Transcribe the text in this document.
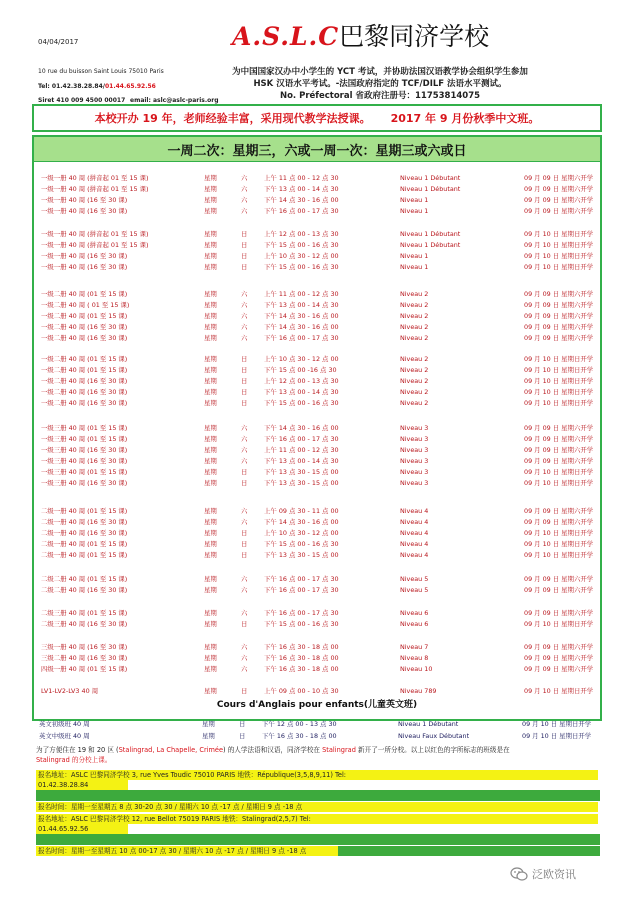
04/04/2017	A.S.L.C巴黎同济学校
10 rue du buisson Saint Louis 75010 Paris
Tel: 01.42.38.28.84/01.44.65.92.56
Siret 410 009 4500 00017 email: aslc@aslc-paris.org
为中国国家汉办中小学生的 YCT 考试，并协助法国汉语教学协会组织学生参加
HSK 汉语水平考试。-法国政府指定的 TCF/DILF 法语水平测试。
No. Préfectoral 省政府注册号：11753814075
本校开办 19 年，老师经验丰富，采用现代教学法授课。 2017 年 9 月份秋季中文班。
一周二次：星期三，六或一周一次：星期三或六或日
一级一册 40 周 (拼音起 01 至 15 课)	星期	六	上午 11 点 00 - 12 点 30	Niveau 1 Débutant	09 月 09 日 星期六开学
一级一册 40 周 (拼音起 01 至 15 课)	星期	六	下午 13 点 00 - 14 点 30	Niveau 1 Débutant	09 月 09 日 星期六开学
一级一册 40 周 (16 至 30 课)	星期	六	下午 14 点 30 - 16 点 00	Niveau 1	09 月 09 日 星期六开学
一级一册 40 周 (16 至 30 课)	星期	六	下午 16 点 00 - 17 点 30	Niveau 1	09 月 09 日 星期六开学
一级一册 40 周 (拼音起 01 至 15 课)	星期	日	上午 12 点 00 - 13 点 30	Niveau 1 Débutant	09 月 10 日 星期日开学
一级一册 40 周 (拼音起 01 至 15 课)	星期	日	下午 15 点 00 - 16 点 30	Niveau 1 Débutant	09 月 10 日 星期日开学
一级一册 40 周 (16 至 30 课)	星期	日	上午 10 点 30 - 12 点 00	Niveau 1	09 月 10 日 星期日开学
一级一册 40 周 (16 至 30 课)	星期	日	下午 15 点 00 - 16 点 30	Niveau 1	09 月 10 日 星期日开学
一级二册 40 周 (01 至 15 课)	星期	六	上午 11 点 00 - 12 点 30	Niveau 2	09 月 09 日 星期六开学
一级二册 40 周 ( 01 至 15 课)	星期	六	下午 13 点 00 - 14 点 30	Niveau 2	09 月 09 日 星期六开学
一级二册 40 周 (01 至 15 课)	星期	六	下午 14 点 30 - 16 点 00	Niveau 2	09 月 09 日 星期六开学
一级二册 40 周 (16 至 30 课)	星期	六	下午 14 点 30 - 16 点 00	Niveau 2	09 月 09 日 星期六开学
一级二册 40 周 (16 至 30 课)	星期	六	下午 16 点 00 - 17 点 30	Niveau 2	09 月 09 日 星期六开学
一级二册 40 周 (01 至 15 课)	星期	日	上午 10 点 30 - 12 点 00	Niveau 2	09 月 10 日 星期日开学
一级二册 40 周 (01 至 15 课)	星期	日	下午 15 点 00 -16 点 30	Niveau 2	09 月 10 日 星期日开学
一级二册 40 周 (16 至 30 课)	星期	日	上午 12 点 00 - 13 点 30	Niveau 2	09 月 10 日 星期日开学
一级二册 40 周 (16 至 30 课)	星期	日	下午 13 点 00 - 14 点 30	Niveau 2	09 月 10 日 星期日开学
一级二册 40 周 (16 至 30 课)	星期	日	下午 15 点 00 - 16 点 30	Niveau 2	09 月 10 日 星期日开学
一级三册 40 周 (01 至 15 课)	星期	六	下午 14 点 30 - 16 点 00	Niveau 3	09 月 09 日 星期六开学
一级三册 40 周 (01 至 15 课)	星期	六	下午 16 点 00 - 17 点 30	Niveau 3	09 月 09 日 星期六开学
一级三册 40 周 (16 至 30 课)	星期	六	上午 11 点 00 - 12 点 30	Niveau 3	09 月 09 日 星期六开学
一级三册 40 周 (16 至 30 课)	星期	六	下午 13 点 00 - 14 点 30	Niveau 3	09 月 09 日 星期六开学
一级三册 40 周 (01 至 15 课)	星期	日	下午 13 点 30 - 15 点 00	Niveau 3	09 月 10 日 星期日开学
一级三册 40 周 (16 至 30 课)	星期	日	下午 13 点 30 - 15 点 00	Niveau 3	09 月 10 日 星期日开学
二级一册 40 周 (01 至 15 课)	星期	六	上午 09 点 30 - 11 点 00	Niveau 4	09 月 09 日 星期六开学
二级一册 40 周 (16 至 30 课)	星期	六	下午 14 点 30 - 16 点 00	Niveau 4	09 月 09 日 星期六开学
二级一册 40 周 (16 至 30 课)	星期	日	上午 10 点 30 - 12 点 00	Niveau 4	09 月 10 日 星期日开学
二级一册 40 周 (01 至 15 课)	星期	日	下午 15 点 00 - 16 点 30	Niveau 4	09 月 10 日 星期日开学
二级一册 40 周 (01 至 15 课)	星期	日	下午 13 点 30 - 15 点 00	Niveau 4	09 月 10 日 星期日开学
二级二册 40 周 (01 至 15 课)	星期	六	下午 16 点 00 - 17 点 30	Niveau 5	09 月 09 日 星期六开学
二级二册 40 周 (16 至 30 课)	星期	六	下午 16 点 00 - 17 点 30	Niveau 5	09 月 09 日 星期六开学
二级三册 40 周 (01 至 15 课)	星期	六	下午 16 点 00 - 17 点 30	Niveau 6	09 月 09 日 星期六开学
二级三册 40 周 (16 至 30 课)	星期	日	下午 15 点 00 - 16 点 30	Niveau 6	09 月 10 日 星期日开学
三级一册 40 周 (16 至 30 课)	星期	六	下午 16 点 30 - 18 点 00	Niveau 7	09 月 09 日 星期六开学
三级二册 40 周 (16 至 30 课)	星期	六	下午 16 点 30 - 18 点 00	Niveau 8	09 月 09 日 星期六开学
四级一册 40 周 (01 至 15 课)	星期	六	下午 16 点 30 - 18 点 00	Niveau 10	09 月 09 日 星期六开学
LV1-LV2-LV3 40 周	星期	日	上午 09 点 00 - 10 点 30	Niveau 789	09 月 10 日 星期日开学
Cours d'Anglais pour enfants(儿童英文班)
英文初级班 40 周	星期	日	下午 12 点 00 - 13 点 30	Niveau 1 Débutant	09 月 10 日 星期日开学
英文中级班 40 周	星期	日	下午 16 点 30 - 18 点 00	Niveau Faux Débutant	09 月 10 日 星期日开学
为了方便住在 19 和 20 区 (Stalingrad, La Chapelle, Crimée) 的人学法语和汉语，同济学校在 Stalingrad 新开了一所分校。以上以红色的字所标志的班级是在
Stalingrad 的分校上课。
报名地址：ASLC 巴黎同济学校 3, rue Yves Toudic 75010 PARIS 地铁：République(3,5,8,9,11) Tel:
01.42.38.28.84
报名时间：星期一至星期五 8 点 30-20 点 30 / 星期六 10 点 -17 点 / 星期日 9 点 -18 点
报名地址：ASLC 巴黎同济学校 12, rue Bellot 75019 PARIS 地铁：Stalingrad(2,5,7) Tel:
01.44.65.92.56
报名时间：星期一至星期五 10 点 00-17 点 30 / 星期六 10 点 -17 点 / 星期日 9 点 -18 点
泛欧资讯
